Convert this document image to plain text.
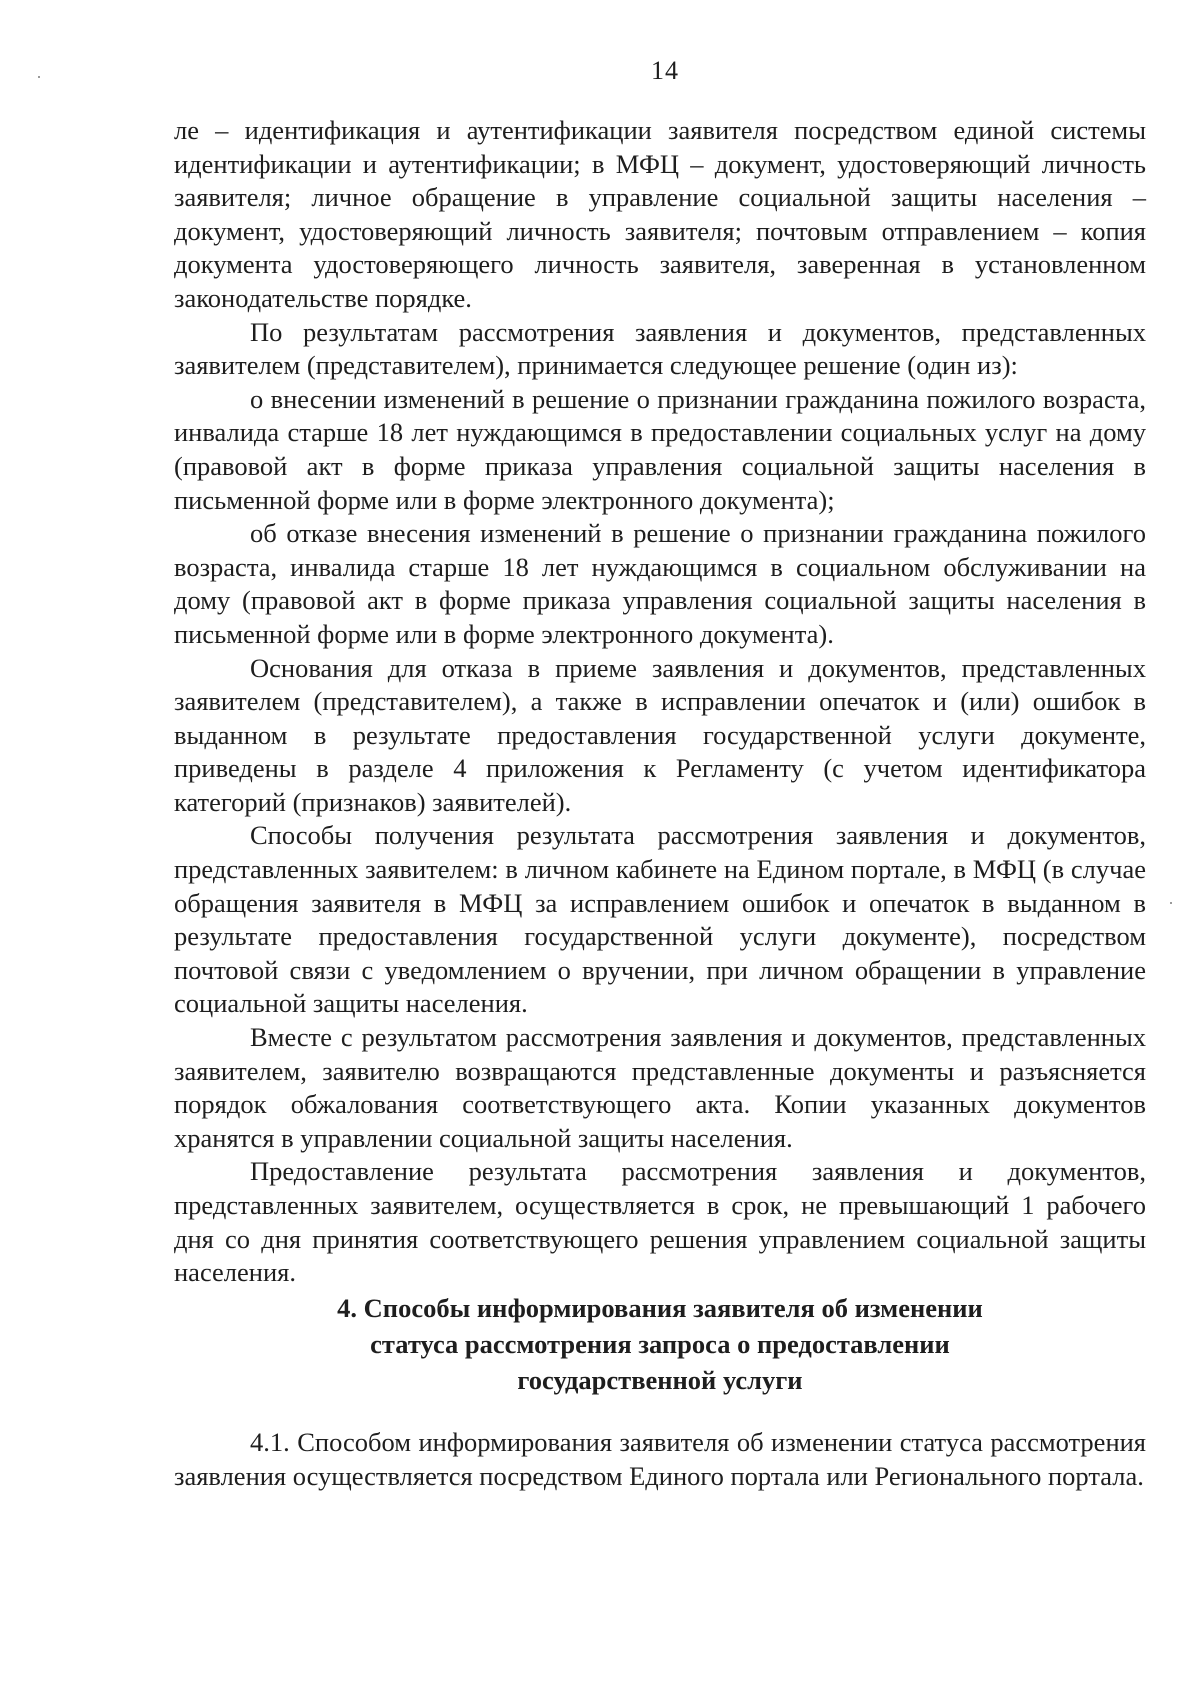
14

ле – идентификация и аутентификации заявителя посредством единой системы идентификации и аутентификации; в МФЦ – документ, удостоверяющий личность заявителя; личное обращение в управление социальной защиты населения – документ, удостоверяющий личность заявителя; почтовым отправлением – копия документа удостоверяющего личность заявителя, заверенная в установленном законодательстве порядке.

По результатам рассмотрения заявления и документов, представленных заявителем (представителем), принимается следующее решение (один из):

о внесении изменений в решение о признании гражданина пожилого возраста, инвалида старше 18 лет нуждающимся в предоставлении социальных услуг на дому (правовой акт в форме приказа управления социальной защиты населения в письменной форме или в форме электронного документа);

об отказе внесения изменений в решение о признании гражданина пожилого возраста, инвалида старше 18 лет нуждающимся в социальном обслуживании на дому (правовой акт в форме приказа управления социальной защиты населения в письменной форме или в форме электронного документа).

Основания для отказа в приеме заявления и документов, представленных заявителем (представителем), а также в исправлении опечаток и (или) ошибок в выданном в результате предоставления государственной услуги документе, приведены в разделе 4 приложения к Регламенту (с учетом идентификатора категорий (признаков) заявителей).

Способы получения результата рассмотрения заявления и документов, представленных заявителем: в личном кабинете на Едином портале, в МФЦ (в случае обращения заявителя в МФЦ за исправлением ошибок и опечаток в выданном в результате предоставления государственной услуги документе), посредством почтовой связи с уведомлением о вручении, при личном обращении в управление социальной защиты населения.

Вместе с результатом рассмотрения заявления и документов, представленных заявителем, заявителю возвращаются представленные документы и разъясняется порядок обжалования соответствующего акта. Копии указанных документов хранятся в управлении социальной защиты населения.

Предоставление результата рассмотрения заявления и документов, представленных заявителем, осуществляется в срок, не превышающий 1 рабочего дня со дня принятия соответствующего решения управлением социальной защиты населения.

4. Способы информирования заявителя об изменении
статуса рассмотрения запроса о предоставлении
государственной услуги

4.1. Способом информирования заявителя об изменении статуса рассмотрения заявления осуществляется посредством Единого портала или Регионального портала.
